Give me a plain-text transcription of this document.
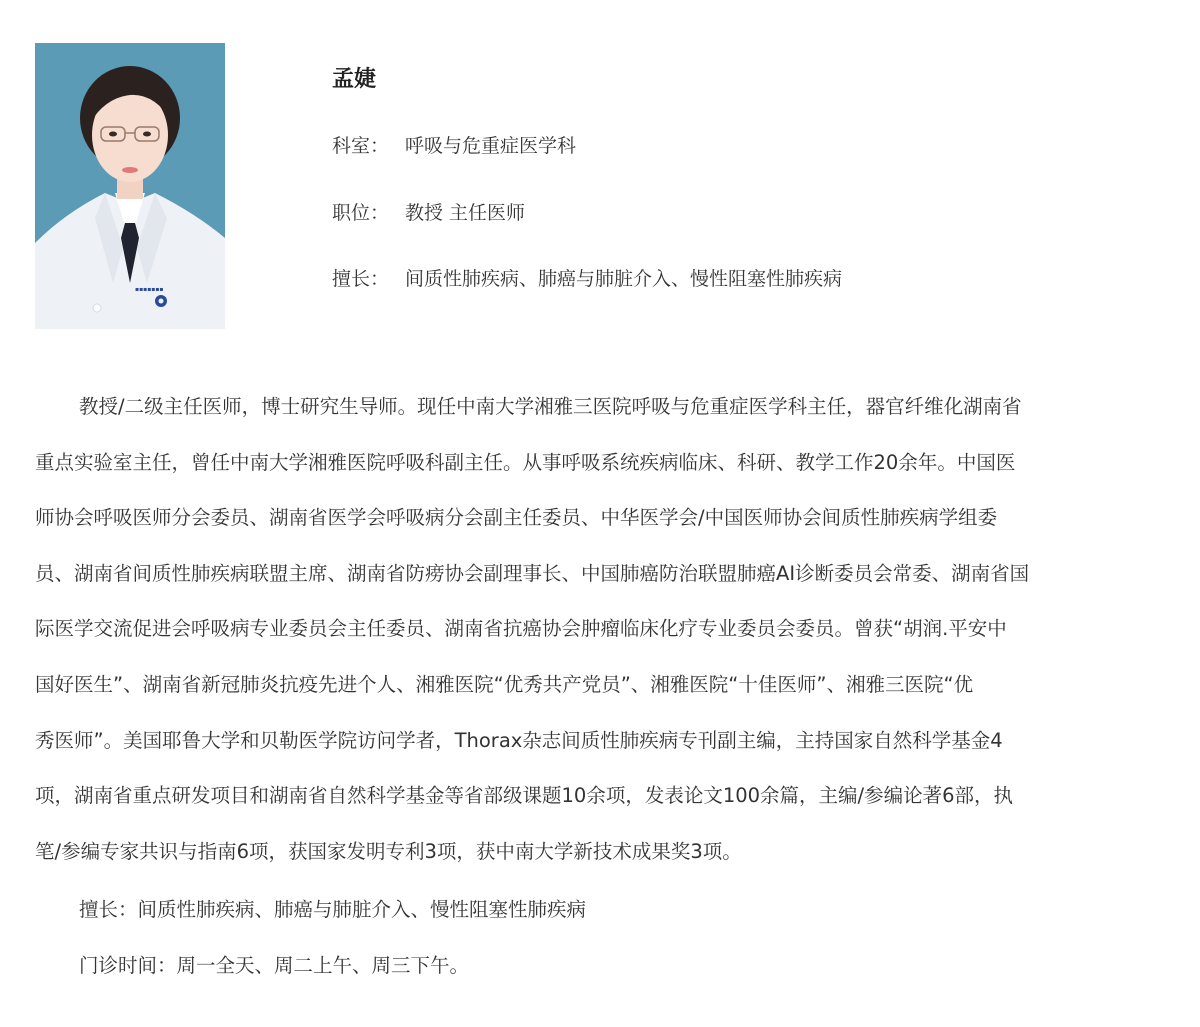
▪▪▪▪▪▪▪
孟婕
科室： 呼吸与危重症医学科
职位： 教授 主任医师
擅长： 间质性肺疾病、肺癌与肺脏介入、慢性阻塞性肺疾病
教授/二级主任医师，博士研究生导师。现任中南大学湘雅三医院呼吸与危重症医学科主任，器官纤维化湖南省
重点实验室主任，曾任中南大学湘雅医院呼吸科副主任。从事呼吸系统疾病临床、科研、教学工作20余年。中国医
师协会呼吸医师分会委员、湖南省医学会呼吸病分会副主任委员、中华医学会/中国医师协会间质性肺疾病学组委
员、湖南省间质性肺疾病联盟主席、湖南省防痨协会副理事长、中国肺癌防治联盟肺癌AI诊断委员会常委、湖南省国
际医学交流促进会呼吸病专业委员会主任委员、湖南省抗癌协会肿瘤临床化疗专业委员会委员。曾获“胡润.平安中
国好医生”、湖南省新冠肺炎抗疫先进个人、湘雅医院“优秀共产党员”、湘雅医院“十佳医师”、湘雅三医院“优
秀医师”。美国耶鲁大学和贝勒医学院访问学者，Thorax杂志间质性肺疾病专刊副主编，主持国家自然科学基金4
项，湖南省重点研发项目和湖南省自然科学基金等省部级课题10余项，发表论文100余篇，主编/参编论著6部，执
笔/参编专家共识与指南6项，获国家发明专利3项，获中南大学新技术成果奖3项。
擅长：间质性肺疾病、肺癌与肺脏介入、慢性阻塞性肺疾病
门诊时间：周一全天、周二上午、周三下午。
